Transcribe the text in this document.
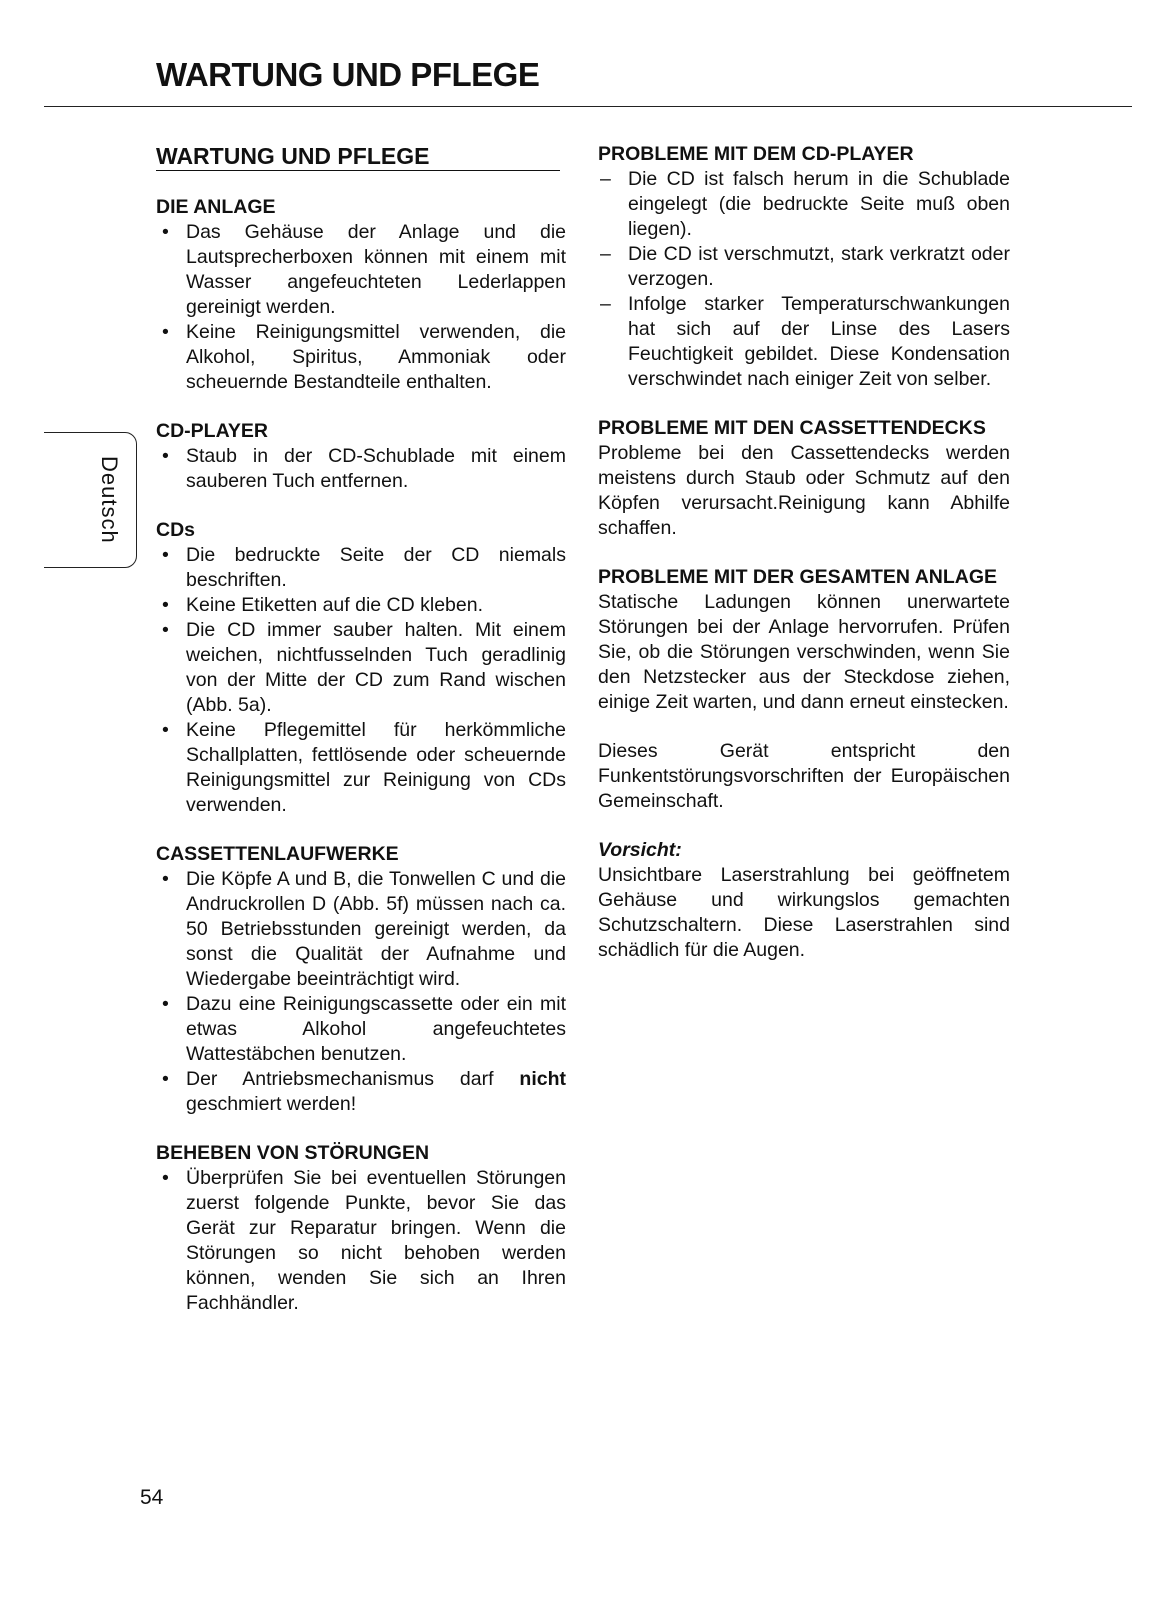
WARTUNG UND PFLEGE
Deutsch
WARTUNG UND PFLEGE
DIE ANLAGE
• Das Gehäuse der Anlage und die Lautsprecherboxen können mit einem mit Wasser angefeuchteten Lederlappen gereinigt werden.
• Keine Reinigungsmittel verwenden, die Alkohol, Spiritus, Ammoniak oder scheuernde Bestandteile enthalten.
CD-PLAYER
• Staub in der CD-Schublade mit einem sauberen Tuch entfernen.
CDs
• Die bedruckte Seite der CD niemals beschriften.
• Keine Etiketten auf die CD kleben.
• Die CD immer sauber halten. Mit einem weichen, nichtfusselnden Tuch geradlinig von der Mitte der CD zum Rand wischen (Abb. 5a).
• Keine Pflegemittel für herkömmliche Schallplatten, fettlösende oder scheuernde Reinigungsmittel zur Reinigung von CDs verwenden.
CASSETTENLAUFWERKE
• Die Köpfe A und B, die Tonwellen C und die Andruckrollen D (Abb. 5f) müssen nach ca. 50 Betriebsstunden gereinigt werden, da sonst die Qualität der Aufnahme und Wiedergabe beeinträchtigt wird.
• Dazu eine Reinigungscassette oder ein mit etwas Alkohol angefeuchtetes Wattestäbchen benutzen.
• Der Antriebsmechanismus darf nicht geschmiert werden!
BEHEBEN VON STÖRUNGEN
• Überprüfen Sie bei eventuellen Störungen zuerst folgende Punkte, bevor Sie das Gerät zur Reparatur bringen. Wenn die Störungen so nicht behoben werden können, wenden Sie sich an Ihren Fachhändler.
PROBLEME MIT DEM CD-PLAYER
– Die CD ist falsch herum in die Schublade eingelegt (die bedruckte Seite muß oben liegen).
– Die CD ist verschmutzt, stark verkratzt oder verzogen.
– Infolge starker Temperaturschwankungen hat sich auf der Linse des Lasers Feuchtigkeit gebildet. Diese Kondensation verschwindet nach einiger Zeit von selber.
PROBLEME MIT DEN CASSETTENDECKS

Probleme bei den Cassettendecks werden meistens durch Staub oder Schmutz auf den Köpfen verursacht.Reinigung kann Abhilfe schaffen.

PROBLEME MIT DER GESAMTEN ANLAGE

Statische Ladungen können unerwartete Störungen bei der Anlage hervorrufen. Prüfen Sie, ob die Störungen verschwinden, wenn Sie den Netzstecker aus der Steckdose ziehen, einige Zeit warten, und dann erneut einstecken.

Dieses Gerät entspricht den Funkentstörungsvorschriften der Europäischen Gemeinschaft.

Vorsicht:

Unsichtbare Laserstrahlung bei geöffnetem Gehäuse und wirkungslos gemachten Schutzschaltern. Diese Laserstrahlen sind schädlich für die Augen.

54
